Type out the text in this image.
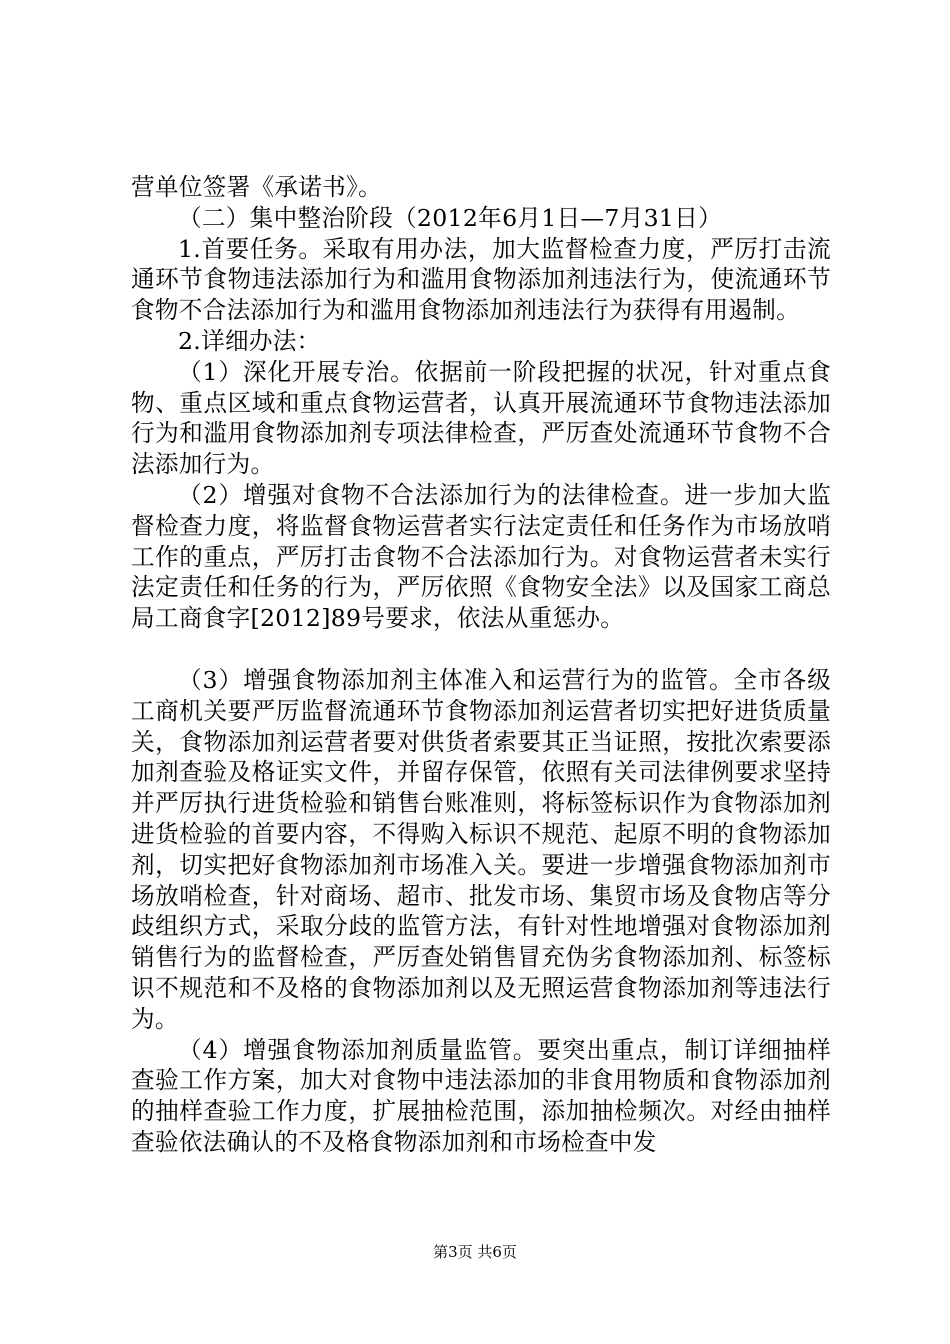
营单位签署《承诺书》。

（二）集中整治阶段（2012年6月1日—7月31日）

1.首要任务。采取有用办法，加大监督检查力度，严厉打击流通环节食物违法添加行为和滥用食物添加剂违法行为，使流通环节食物不合法添加行为和滥用食物添加剂违法行为获得有用遏制。

2.详细办法：

（1）深化开展专治。依据前一阶段把握的状况，针对重点食物、重点区域和重点食物运营者，认真开展流通环节食物违法添加行为和滥用食物添加剂专项法律检查，严厉查处流通环节食物不合法添加行为。

（2）增强对食物不合法添加行为的法律检查。进一步加大监督检查力度，将监督食物运营者实行法定责任和任务作为市场放哨工作的重点，严厉打击食物不合法添加行为。对食物运营者未实行法定责任和任务的行为，严厉依照《食物安全法》以及国家工商总局工商食字[2012]89号要求，依法从重惩办。

（3）增强食物添加剂主体准入和运营行为的监管。全市各级工商机关要严厉监督流通环节食物添加剂运营者切实把好进货质量关，食物添加剂运营者要对供货者索要其正当证照，按批次索要添加剂查验及格证实文件，并留存保管，依照有关司法律例要求坚持并严厉执行进货检验和销售台账准则，将标签标识作为食物添加剂进货检验的首要内容，不得购入标识不规范、起原不明的食物添加剂，切实把好食物添加剂市场准入关。要进一步增强食物添加剂市场放哨检查，针对商场、超市、批发市场、集贸市场及食物店等分歧组织方式，采取分歧的监管方法，有针对性地增强对食物添加剂销售行为的监督检查，严厉查处销售冒充伪劣食物添加剂、标签标识不规范和不及格的食物添加剂以及无照运营食物添加剂等违法行为。

（4）增强食物添加剂质量监管。要突出重点，制订详细抽样查验工作方案，加大对食物中违法添加的非食用物质和食物添加剂的抽样查验工作力度，扩展抽检范围，添加抽检频次。对经由抽样查验依法确认的不及格食物添加剂和市场检查中发

第3页 共6页
